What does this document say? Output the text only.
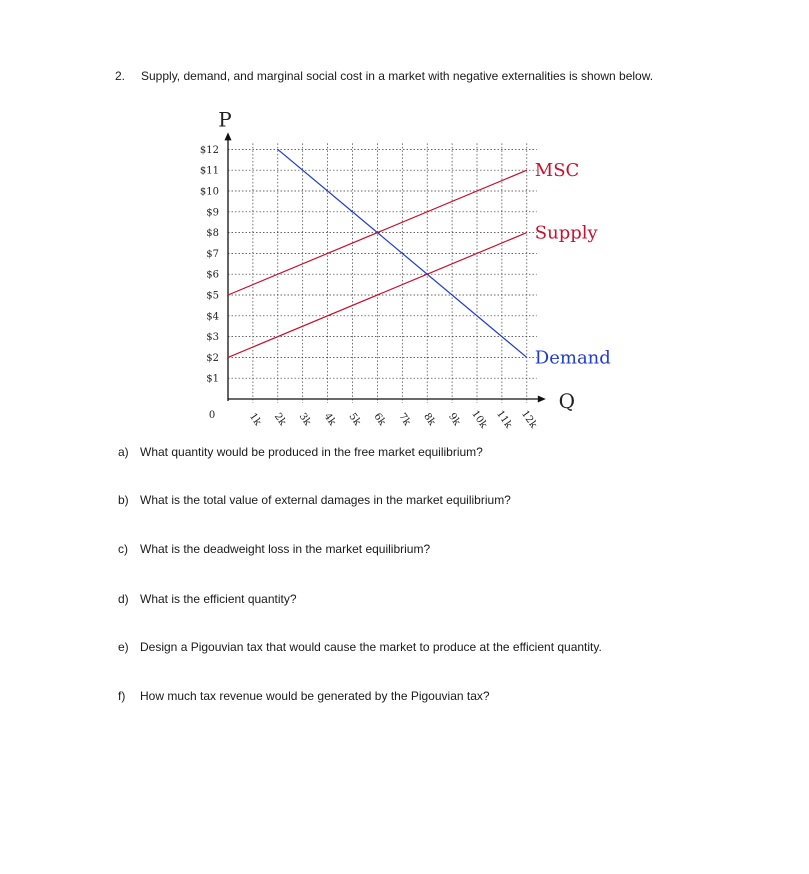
2. Supply, demand, and marginal social cost in a market with negative externalities is shown below.
$12
$11
$10
$9
$8
$7
$6
$5
$4
$3
$2
$1
0	1k 2k 3k 4k 5k 6k 7k 8k 9k 10k 11k 12k
P
Q
MSC
Supply
Demand
a) What quantity would be produced in the free market equilibrium?
b) What is the total value of external damages in the market equilibrium?
c) What is the deadweight loss in the market equilibrium?
d) What is the efficient quantity?
e) Design a Pigouvian tax that would cause the market to produce at the efficient quantity.
f) How much tax revenue would be generated by the Pigouvian tax?
